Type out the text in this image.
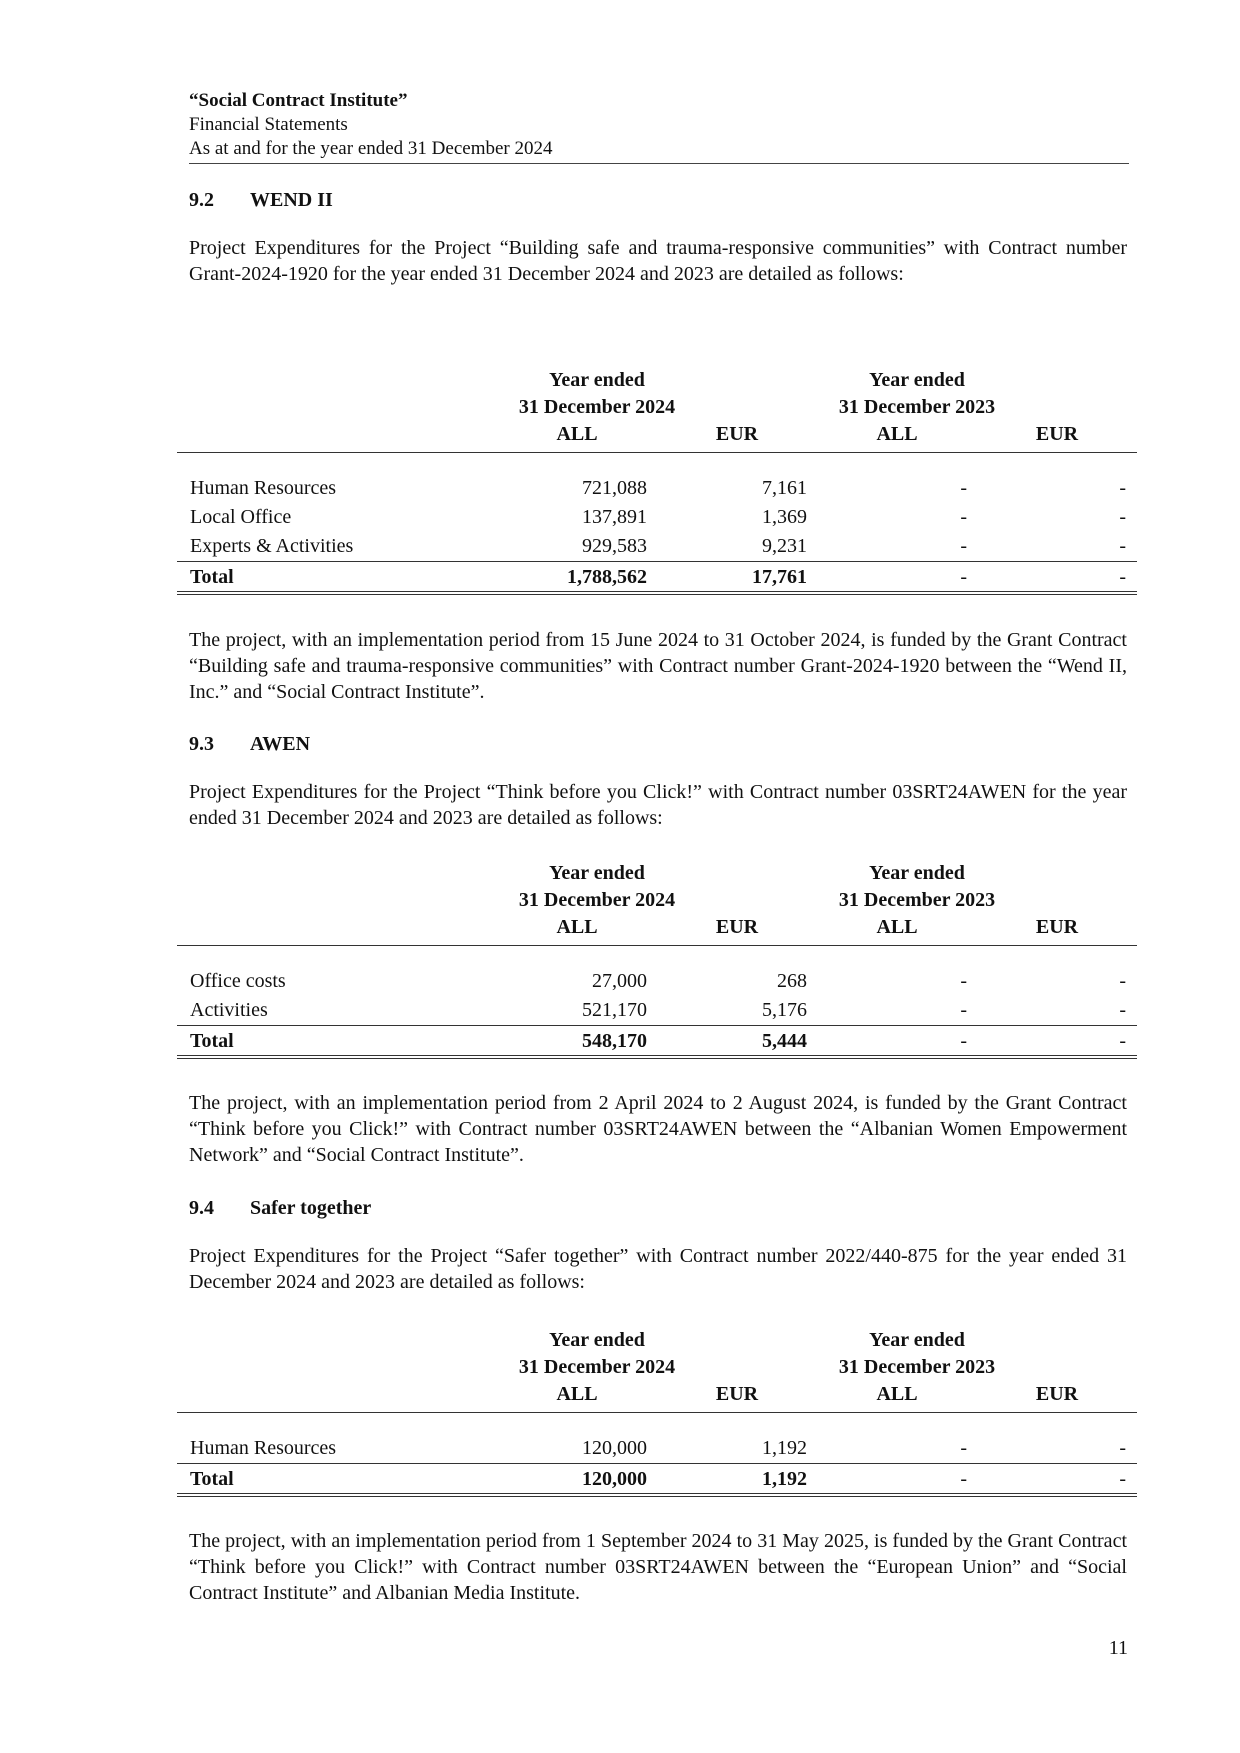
“Social Contract Institute”
Financial Statements
As at and for the year ended 31 December 2024
9.2 WEND II
Project Expenditures for the Project “Building safe and trauma-responsive communities” with Contract number Grant-2024-1920 for the year ended 31 December 2024 and 2023 are detailed as follows:
Year ended
31 December 2024
Year ended
31 December 2023
ALL	EUR	ALL	EUR
Human Resources	721,088	7,161	-	-
Local Office	137,891	1,369	-	-
Experts & Activities	929,583	9,231	-	-
Total	1,788,562	17,761	-	-
The project, with an implementation period from 15 June 2024 to 31 October 2024, is funded by the Grant Contract “Building safe and trauma-responsive communities” with Contract number Grant-2024-1920 between the “Wend II, Inc.” and “Social Contract Institute”.
9.3 AWEN
Project Expenditures for the Project “Think before you Click!” with Contract number 03SRT24AWEN for the year ended 31 December 2024 and 2023 are detailed as follows:
Year ended
31 December 2024
Year ended
31 December 2023
ALL	EUR	ALL	EUR
Office costs	27,000	268	-	-
Activities	521,170	5,176	-	-
Total	548,170	5,444	-	-
The project, with an implementation period from 2 April 2024 to 2 August 2024, is funded by the Grant Contract “Think before you Click!” with Contract number 03SRT24AWEN between the “Albanian Women Empowerment Network” and “Social Contract Institute”.
9.4 Safer together
Project Expenditures for the Project “Safer together” with Contract number 2022/440-875 for the year ended 31 December 2024 and 2023 are detailed as follows:
Year ended
31 December 2024
Year ended
31 December 2023
ALL	EUR	ALL	EUR
Human Resources	120,000	1,192	-	-
Total	120,000	1,192	-	-
The project, with an implementation period from 1 September 2024 to 31 May 2025, is funded by the Grant Contract “Think before you Click!” with Contract number 03SRT24AWEN between the “European Union” and “Social Contract Institute” and Albanian Media Institute.
11
